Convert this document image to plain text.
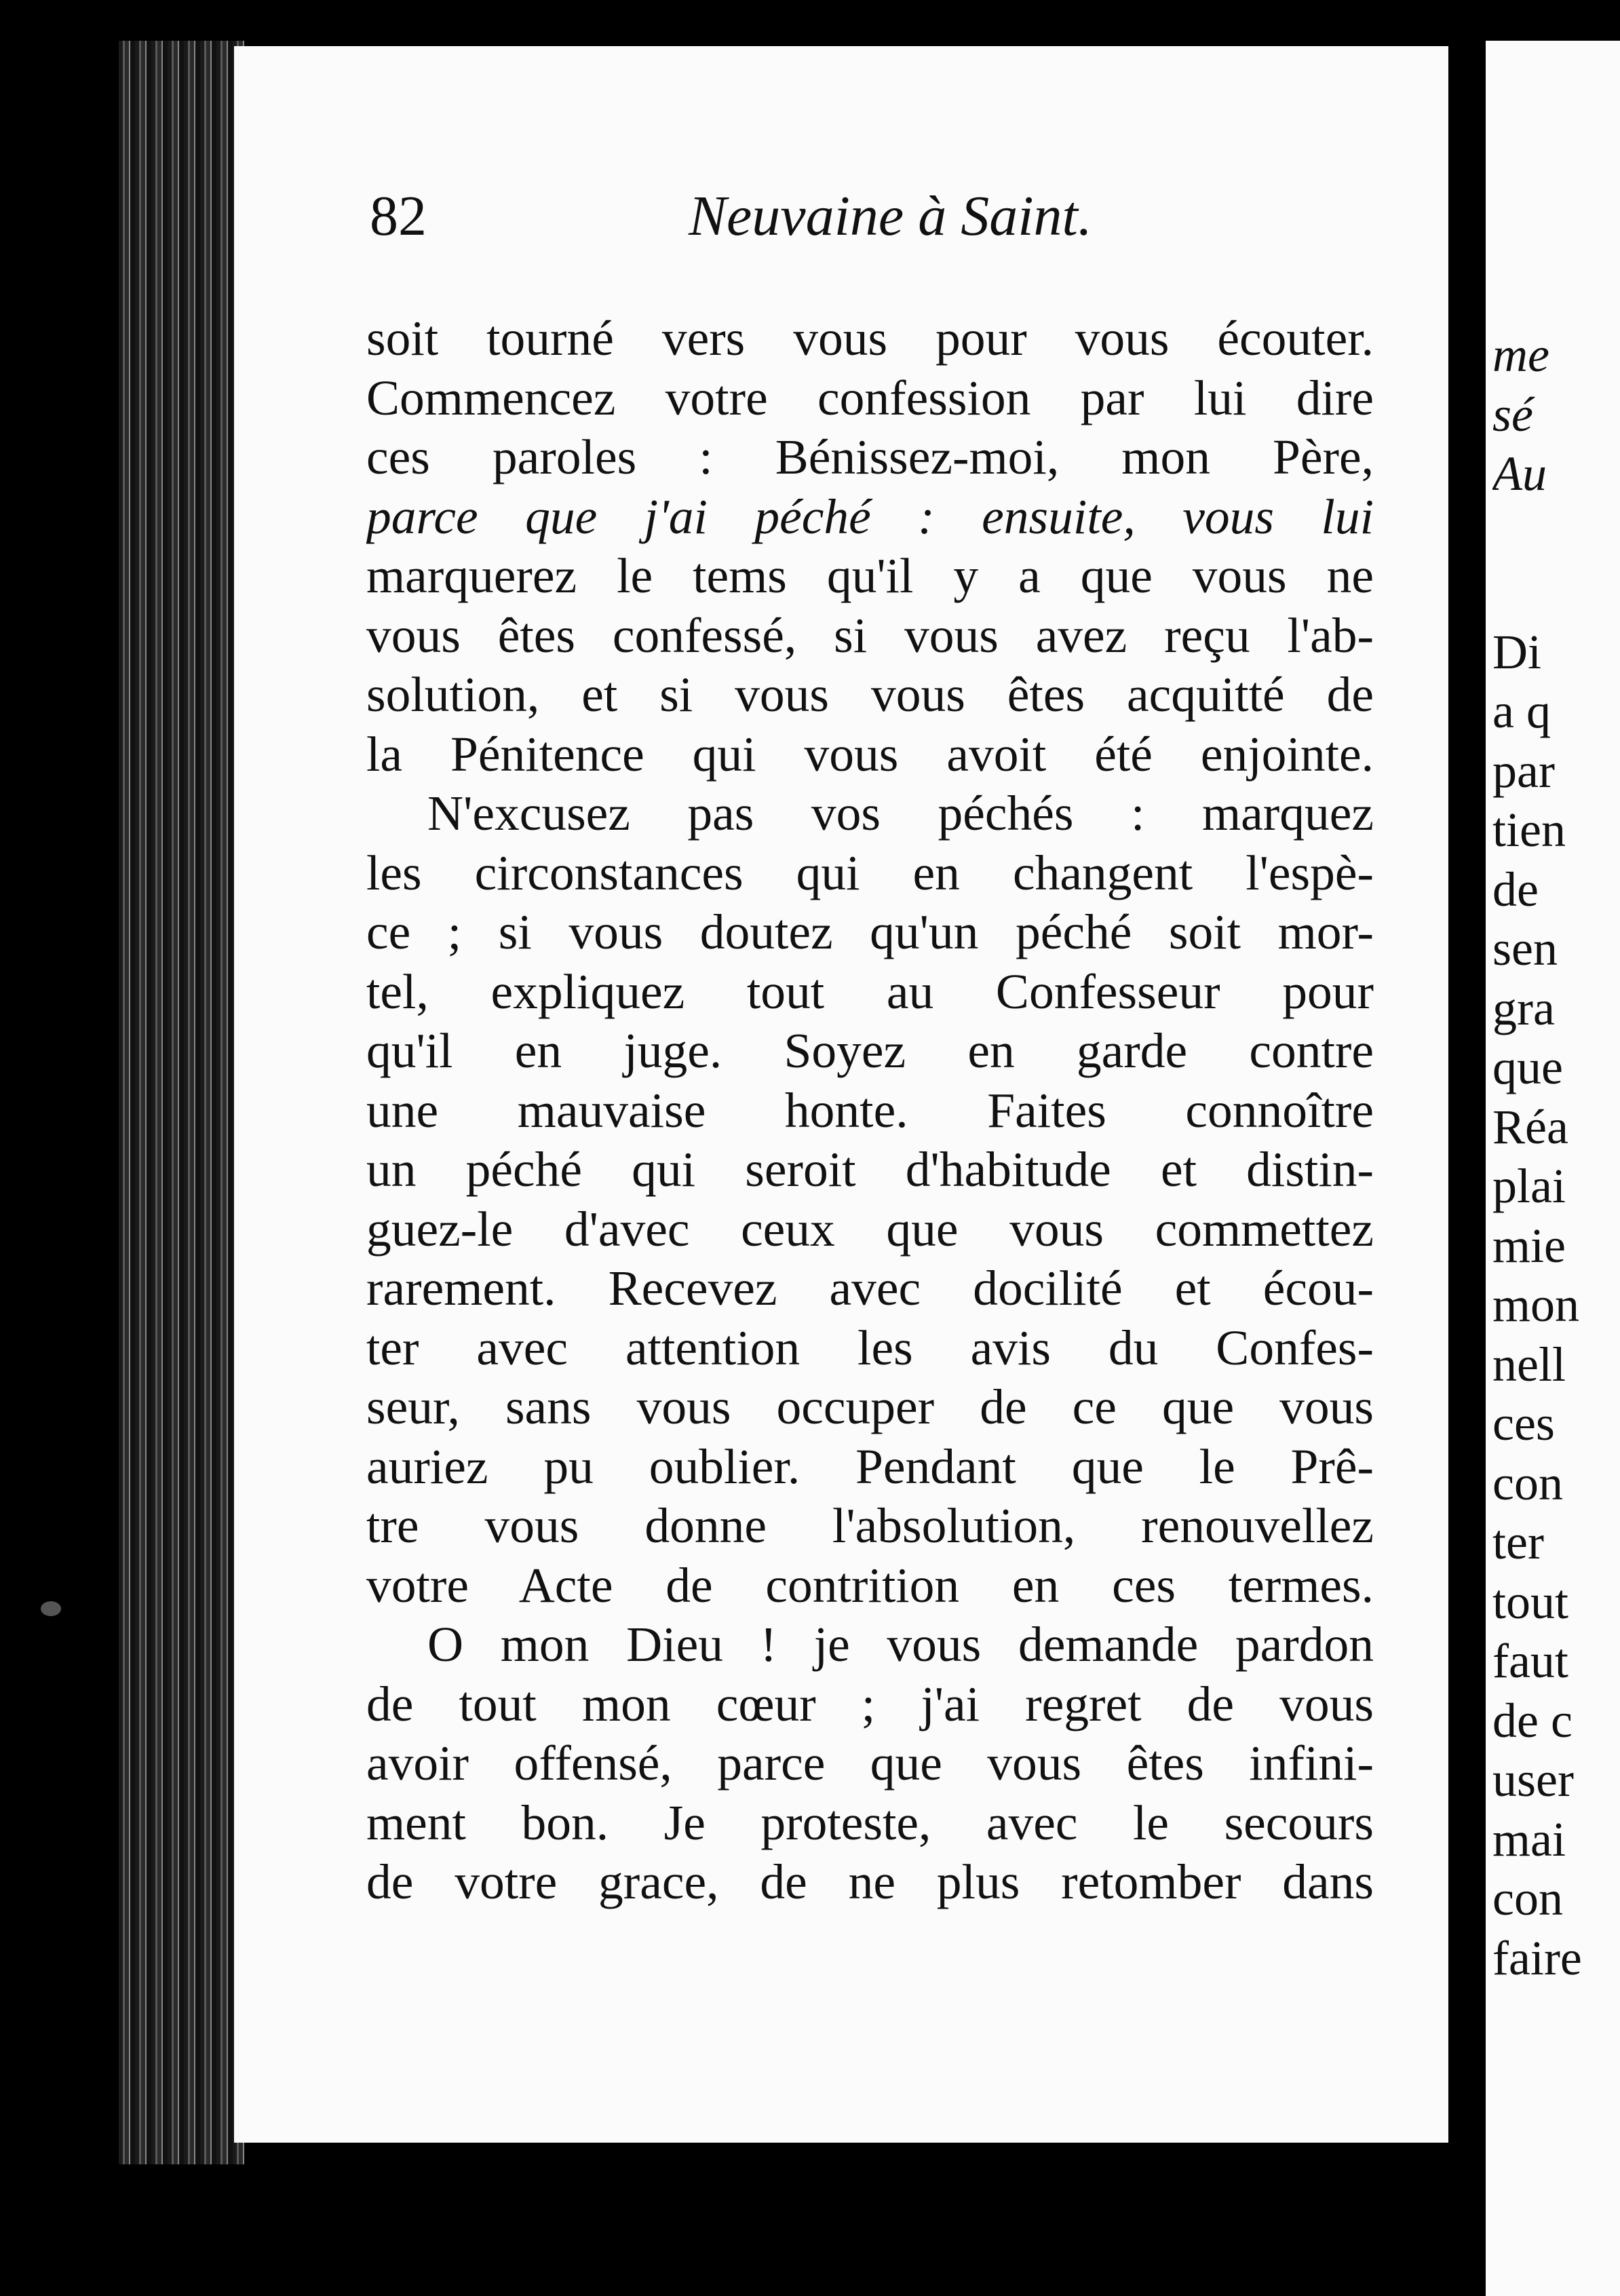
82	Neuvaine à Saint.
soit tourné vers vous pour vous écouter.
Commencez votre confession par lui dire
ces paroles : Bénissez-moi, mon Père,
parce que j'ai péché : ensuite, vous lui
marquerez le tems qu'il y a que vous ne
vous êtes confessé, si vous avez reçu l'ab-
solution, et si vous vous êtes acquitté de
la Pénitence qui vous avoit été enjointe.
N'excusez pas vos péchés : marquez
les circonstances qui en changent l'espè-
ce ; si vous doutez qu'un péché soit mor-
tel, expliquez tout au Confesseur pour
qu'il en juge. Soyez en garde contre
une mauvaise honte. Faites connoître
un péché qui seroit d'habitude et distin-
guez-le d'avec ceux que vous commettez
rarement. Recevez avec docilité et écou-
ter avec attention les avis du Confes-
seur, sans vous occuper de ce que vous
auriez pu oublier. Pendant que le Prê-
tre vous donne l'absolution, renouvellez
votre Acte de contrition en ces termes.
O mon Dieu ! je vous demande pardon
de tout mon cœur ; j'ai regret de vous
avoir offensé, parce que vous êtes infini-
ment bon. Je proteste, avec le secours
de votre grace, de ne plus retomber dans
me
sé
Au
Di
a q
par
tien
de
sen
gra
que
Réa
plai
mie
mon
nell
ces
con
ter
tout
faut
de c
user
mai
con
faire
